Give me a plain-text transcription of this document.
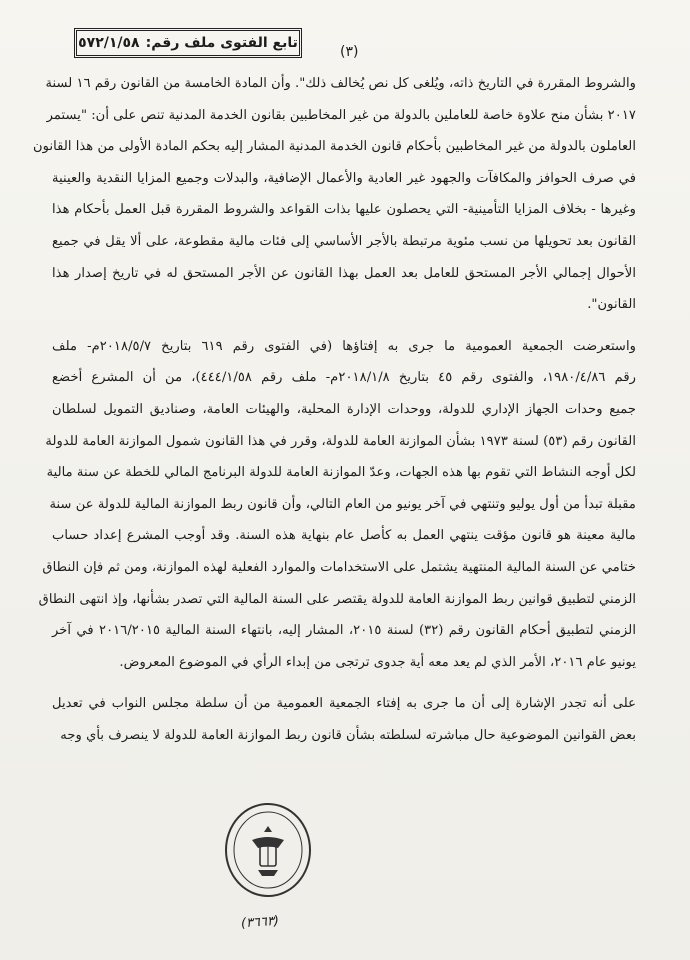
تابع الفتوى ملف رقم:
٥٧٢/١/٥٨
(٣)
والشروط المقررة في التاريخ ذاته، ويُلغى كل نص يُخالف ذلك". وأن المادة الخامسة من القانون رقم ١٦ لسنة
٢٠١٧ بشأن منح علاوة خاصة للعاملين بالدولة من غير المخاطبين بقانون الخدمة المدنية تنص على أن: "يستمر
العاملون بالدولة من غير المخاطبين بأحكام قانون الخدمة المدنية المشار إليه بحكم المادة الأولى من هذا القانون
في صرف الحوافز والمكافآت والجهود غير العادية والأعمال الإضافية، والبدلات وجميع المزايا النقدية والعينية
وغيرها - بخلاف المزايا التأمينية- التي يحصلون عليها بذات القواعد والشروط المقررة قبل العمل بأحكام هذا
القانون بعد تحويلها من نسب مئوية مرتبطة بالأجر الأساسي إلى فئات مالية مقطوعة، على ألا يقل في جميع
الأحوال إجمالي الأجر المستحق للعامل بعد العمل بهذا القانون عن الأجر المستحق له في تاريخ إصدار هذا
القانون".
واستعرضت الجمعية العمومية ما جرى به إفتاؤها (في الفتوى رقم ٦١٩ بتاريخ ٢٠١٨/٥/٧م- ملف
رقم ١٩٨٠/٤/٨٦، والفتوى رقم ٤٥ بتاريخ ٢٠١٨/١/٨م- ملف رقم ٤٤٤/١/٥٨)، من أن المشرع أخضع
جميع وحدات الجهاز الإداري للدولة، ووحدات الإدارة المحلية، والهيئات العامة، وصناديق التمويل لسلطان
القانون رقم (٥٣) لسنة ١٩٧٣ بشأن الموازنة العامة للدولة، وقرر في هذا القانون شمول الموازنة العامة للدولة
لكل أوجه النشاط التي تقوم بها هذه الجهات، وعدّ الموازنة العامة للدولة البرنامج المالي للخطة عن سنة مالية
مقبلة تبدأ من أول يوليو وتنتهي في آخر يونيو من العام التالي، وأن قانون ربط الموازنة المالية للدولة عن سنة
مالية معينة هو قانون مؤقت ينتهي العمل به كأصل عام بنهاية هذه السنة. وقد أوجب المشرع إعداد حساب
ختامي عن السنة المالية المنتهية يشتمل على الاستخدامات والموارد الفعلية لهذه الموازنة، ومن ثم فإن النطاق
الزمني لتطبيق قوانين ربط الموازنة العامة للدولة يقتصر على السنة المالية التي تصدر بشأنها، وإذ انتهى النطاق
الزمني لتطبيق أحكام القانون رقم (٣٢) لسنة ٢٠١٥، المشار إليه، بانتهاء السنة المالية ٢٠١٦/٢٠١٥ في آخر
يونيو عام ٢٠١٦، الأمر الذي لم يعد معه أية جدوى ترتجى من إبداء الرأي في الموضوع المعروض.
على أنه تجدر الإشارة إلى أن ما جرى به إفتاء الجمعية العمومية من أن سلطة مجلس النواب في تعديل
بعض القوانين الموضوعية حال مباشرته لسلطته بشأن قانون ربط الموازنة العامة للدولة لا ينصرف بأي وجه
(٣٦٦٣)
